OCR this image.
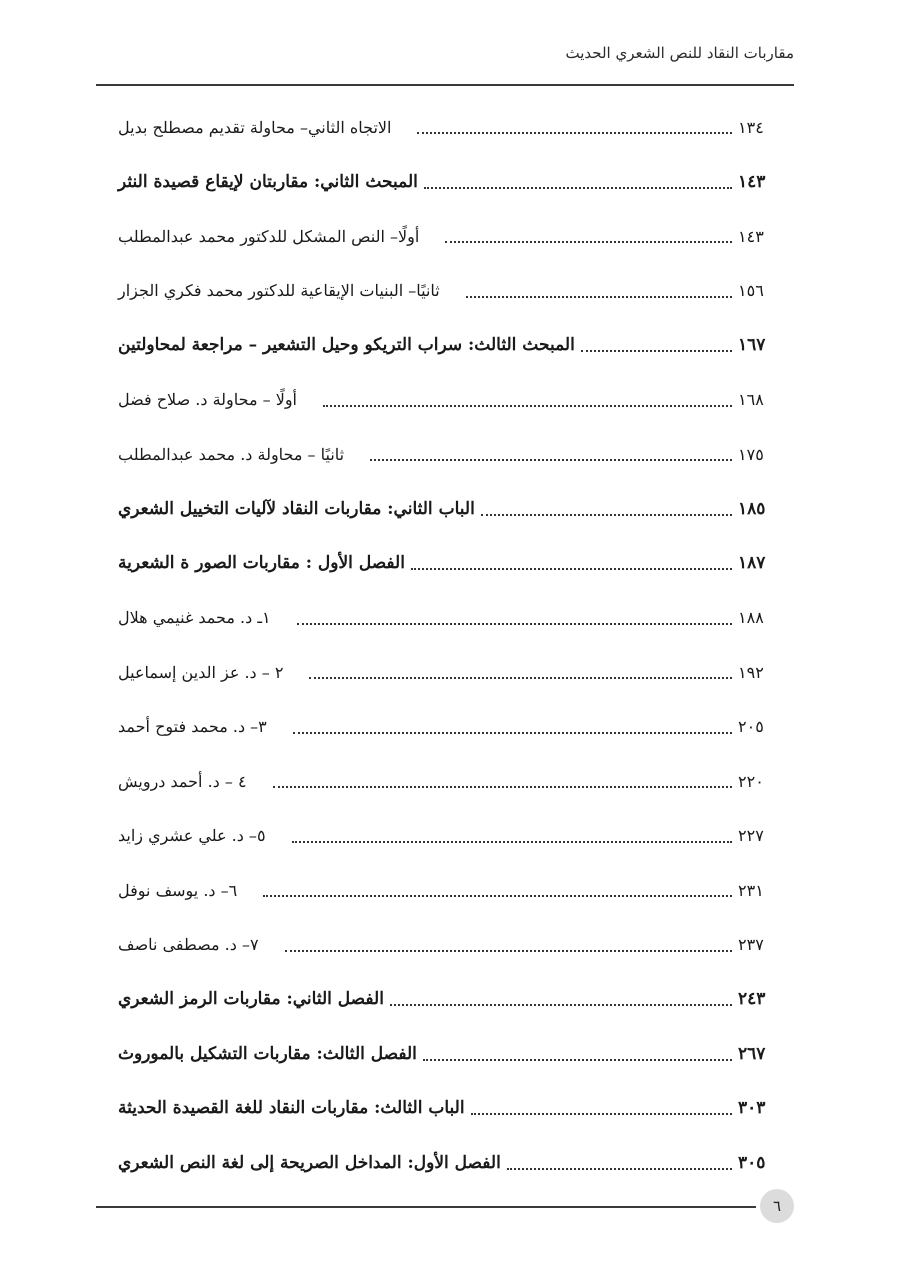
مقاربات النقاد للنص الشعري الحديث
الاتجاه الثاني– محاولة تقديم مصطلح بديل	١٣٤
المبحث الثاني: مقاربتان لإيقاع قصيدة النثر	١٤٣
أولًا– النص المشكل للدكتور محمد عبدالمطلب	١٤٣
ثانيًا– البنيات الإيقاعية للدكتور محمد فكري الجزار	١٥٦
المبحث الثالث: سراب التريكو وحيل التشعير – مراجعة لمحاولتين	١٦٧
أولًا – محاولة د. صلاح فضل	١٦٨
ثانيًا – محاولة د. محمد عبدالمطلب	١٧٥
الباب الثاني: مقاربات النقاد لآليات التخييل الشعري	١٨٥
الفصل الأول : مقاربات الصور ة الشعرية	١٨٧
١ـ د. محمد غنيمي هلال	١٨٨
٢ – د. عز الدين إسماعيل	١٩٢
٣– د. محمد فتوح أحمد	٢٠٥
٤ – د. أحمد درويش	٢٢٠
٥– د. علي عشري زايد	٢٢٧
٦– د. يوسف نوفل	٢٣١
٧– د. مصطفى ناصف	٢٣٧
الفصل الثاني: مقاربات الرمز الشعري	٢٤٣
الفصل الثالث: مقاربات التشكيل بالموروث	٢٦٧
الباب الثالث: مقاربات النقاد للغة القصيدة الحديثة	٣٠٣
الفصل الأول: المداخل الصريحة إلى لغة النص الشعري	٣٠٥
٦
